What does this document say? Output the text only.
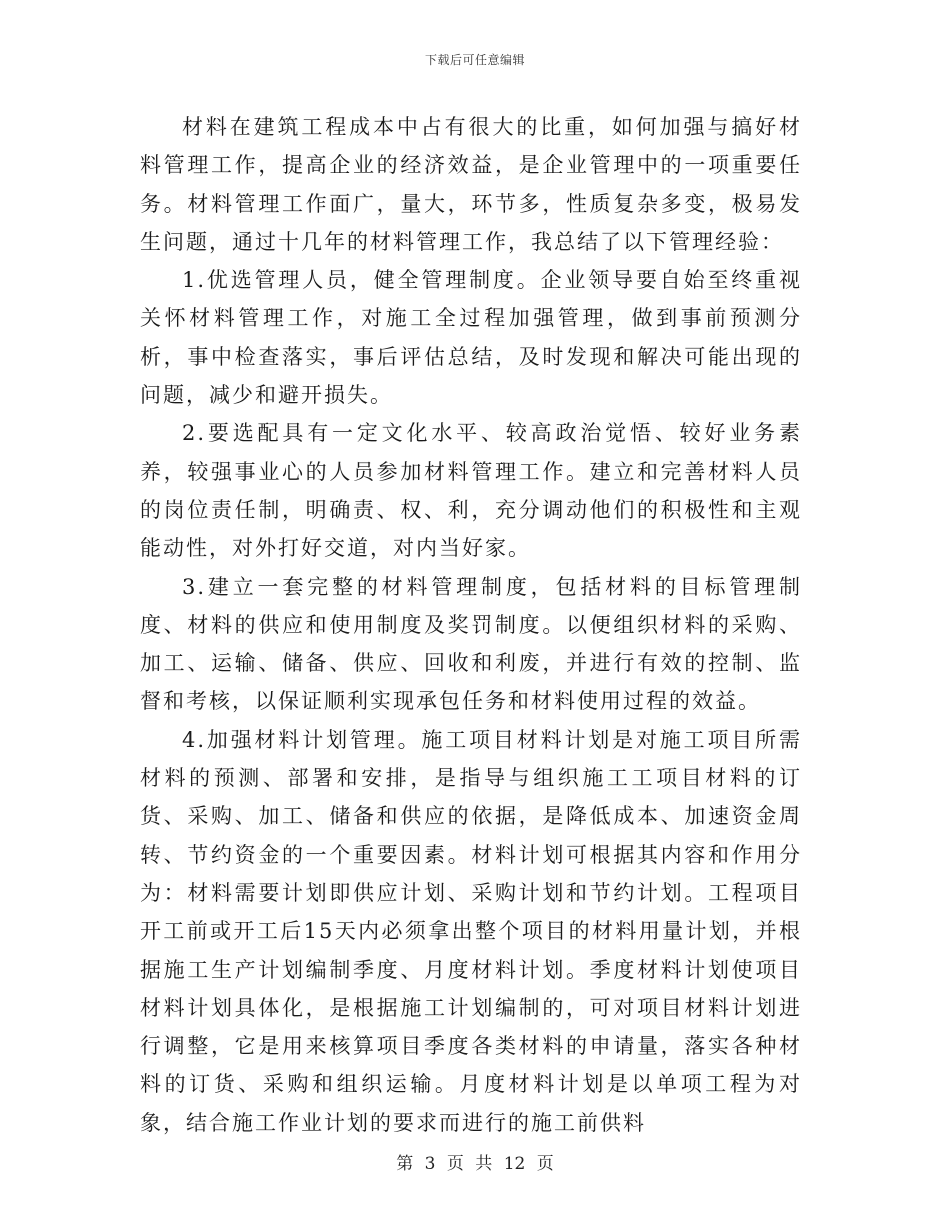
下载后可任意编辑

材料在建筑工程成本中占有很大的比重，如何加强与搞好材料管理工作，提高企业的经济效益，是企业管理中的一项重要任务。材料管理工作面广，量大，环节多，性质复杂多变，极易发生问题，通过十几年的材料管理工作，我总结了以下管理经验：

1.优选管理人员，健全管理制度。企业领导要自始至终重视关怀材料管理工作，对施工全过程加强管理，做到事前预测分析，事中检查落实，事后评估总结，及时发现和解决可能出现的问题，减少和避开损失。

2.要选配具有一定文化水平、较高政治觉悟、较好业务素养，较强事业心的人员参加材料管理工作。建立和完善材料人员的岗位责任制，明确责、权、利，充分调动他们的积极性和主观能动性，对外打好交道，对内当好家。

3.建立一套完整的材料管理制度，包括材料的目标管理制度、材料的供应和使用制度及奖罚制度。以便组织材料的采购、加工、运输、储备、供应、回收和利废，并进行有效的控制、监督和考核，以保证顺利实现承包任务和材料使用过程的效益。

4.加强材料计划管理。施工项目材料计划是对施工项目所需材料的预测、部署和安排，是指导与组织施工工项目材料的订货、采购、加工、储备和供应的依据，是降低成本、加速资金周转、节约资金的一个重要因素。材料计划可根据其内容和作用分为：材料需要计划即供应计划、采购计划和节约计划。工程项目开工前或开工后15天内必须拿出整个项目的材料用量计划，并根据施工生产计划编制季度、月度材料计划。季度材料计划使项目材料计划具体化，是根据施工计划编制的，可对项目材料计划进行调整，它是用来核算项目季度各类材料的申请量，落实各种材料的订货、采购和组织运输。月度材料计划是以单项工程为对象，结合施工作业计划的要求而进行的施工前供料

第 3 页 共 12 页
